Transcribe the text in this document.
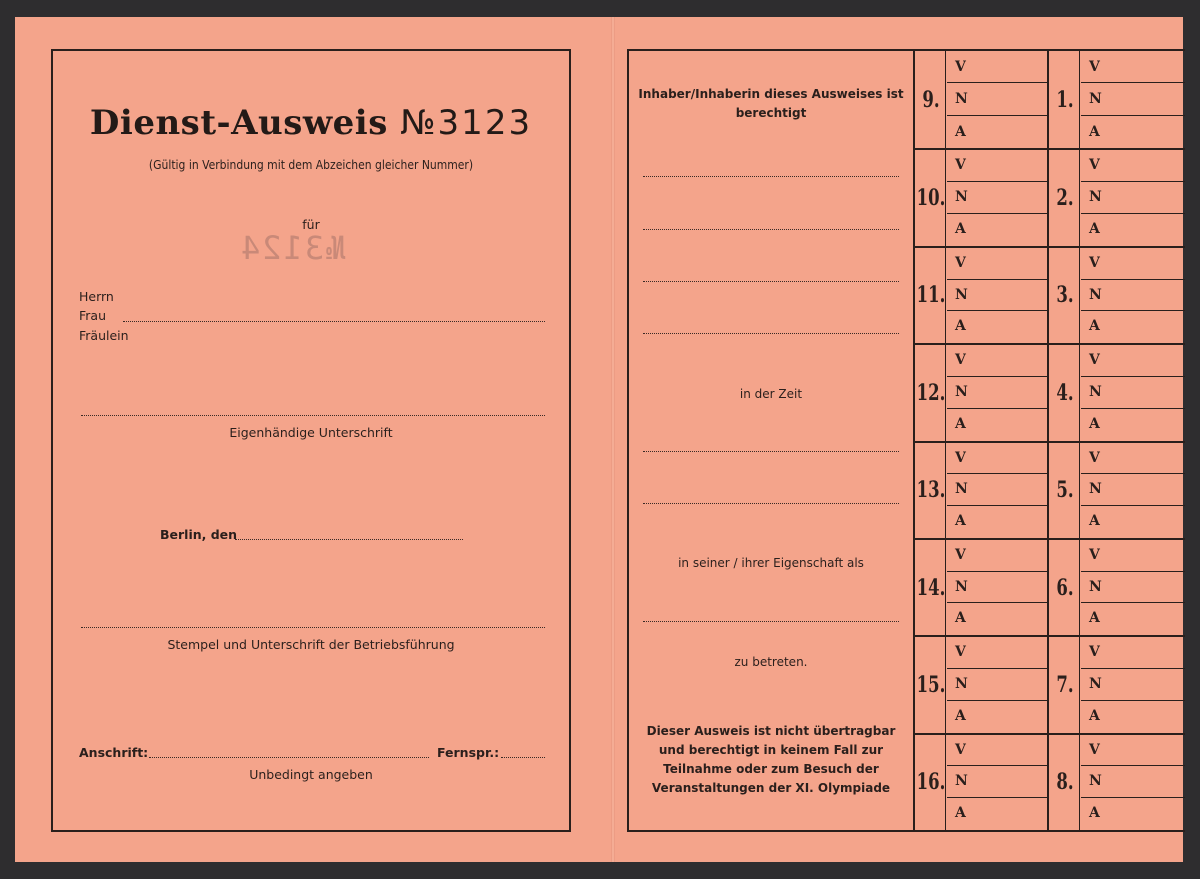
Dienst-Ausweis №3123
(Gültig in Verbindung mit dem Abzeichen gleicher Nummer)
für
№3124
Herrn
Frau
Fräulein
Eigenhändige Unterschrift
Berlin, den
Stempel und Unterschrift der Betriebsführung
Anschrift:	Fernspr.:
Unbedingt angeben
Inhaber/Inhaberin dieses Ausweises ist berechtigt
in der Zeit
in seiner / ihrer Eigenschaft als
zu betreten.
Dieser Ausweis ist nicht übertragbar und berechtigt in keinem Fall zur Teilnahme oder zum Besuch der Veranstaltungen der XI. Olympiade
9.
V
N
A
1.
V
N
A
10.
V
N
A
2.
V
N
A
11.
V
N
A
3.
V
N
A
12.
V
N
A
4.
V
N
A
13.
V
N
A
5.
V
N
A
14.
V
N
A
6.
V
N
A
15.
V
N
A
7.
V
N
A
16.
V
N
A
8.
V
N
A
